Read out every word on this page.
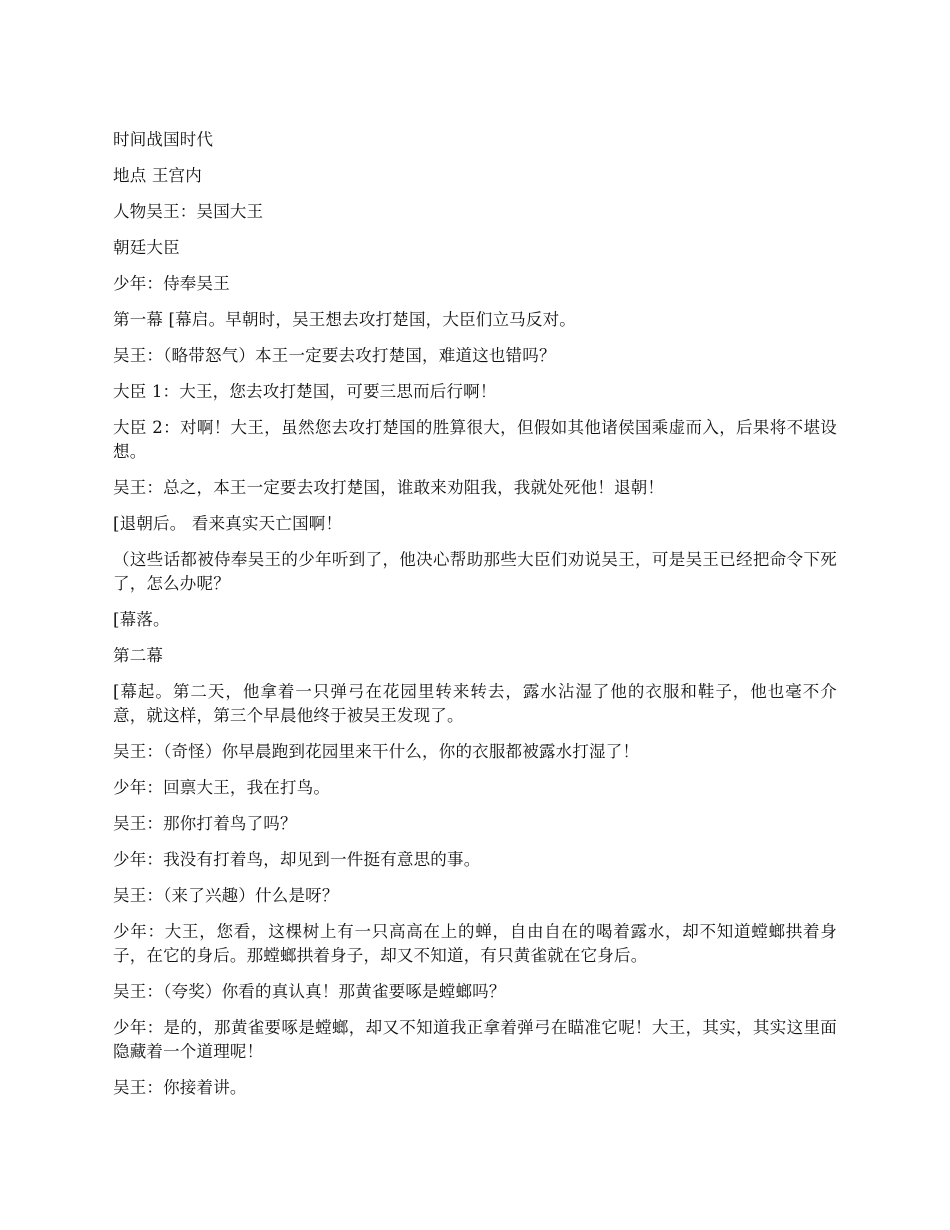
时间战国时代

地点 王宫内

人物吴王：吴国大王

朝廷大臣

少年：侍奉吴王

第一幕 [幕启。早朝时，吴王想去攻打楚国，大臣们立马反对。

吴王：（略带怒气）本王一定要去攻打楚国，难道这也错吗？

大臣 1：大王，您去攻打楚国，可要三思而后行啊！

大臣 2：对啊！大王，虽然您去攻打楚国的胜算很大，但假如其他诸侯国乘虚而入，后果将不堪设想。

吴王：总之，本王一定要去攻打楚国，谁敢来劝阻我，我就处死他！退朝！

[退朝后。 看来真实天亡国啊！

（这些话都被侍奉吴王的少年听到了，他决心帮助那些大臣们劝说吴王，可是吴王已经把命令下死了，怎么办呢？

[幕落。

第二幕

[幕起。第二天，他拿着一只弹弓在花园里转来转去，露水沾湿了他的衣服和鞋子，他也毫不介意，就这样，第三个早晨他终于被吴王发现了。

吴王：（奇怪）你早晨跑到花园里来干什么，你的衣服都被露水打湿了！

少年：回禀大王，我在打鸟。

吴王：那你打着鸟了吗？

少年：我没有打着鸟，却见到一件挺有意思的事。

吴王：（来了兴趣）什么是呀？

少年：大王，您看，这棵树上有一只高高在上的蝉，自由自在的喝着露水，却不知道螳螂拱着身子，在它的身后。那螳螂拱着身子，却又不知道，有只黄雀就在它身后。

吴王：（夸奖）你看的真认真！那黄雀要啄是螳螂吗？

少年：是的，那黄雀要啄是螳螂，却又不知道我正拿着弹弓在瞄准它呢！大王，其实，其实这里面隐藏着一个道理呢！

吴王：你接着讲。
